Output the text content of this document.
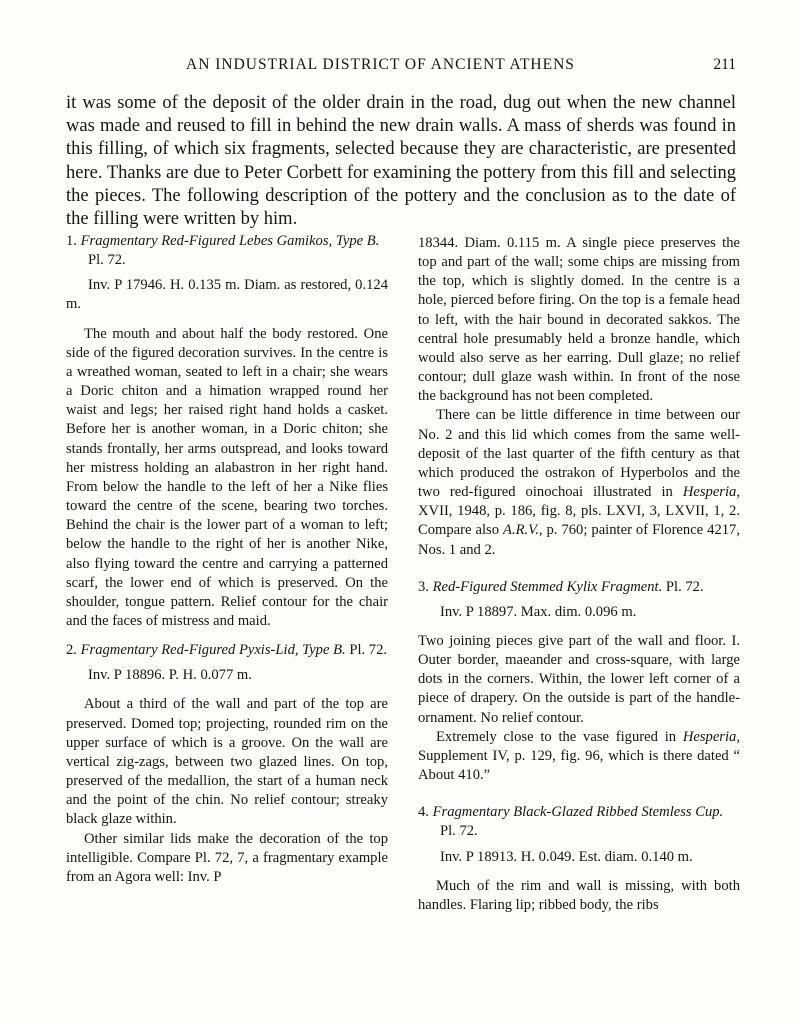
AN INDUSTRIAL DISTRICT OF ANCIENT ATHENS	211

it was some of the deposit of the older drain in the road, dug out when the new channel was made and reused to fill in behind the new drain walls. A mass of sherds was found in this filling, of which six fragments, selected because they are characteristic, are presented here. Thanks are due to Peter Corbett for examining the pottery from this fill and selecting the pieces. The following description of the pottery and the conclusion as to the date of the filling were written by him.

1. Fragmentary Red-Figured Lebes Gamikos, Type B. Pl. 72.

Inv. P 17946. H. 0.135 m. Diam. as restored, 0.124 m.

The mouth and about half the body restored. One side of the figured decoration survives. In the centre is a wreathed woman, seated to left in a chair; she wears a Doric chiton and a himation wrapped round her waist and legs; her raised right hand holds a casket. Before her is another woman, in a Doric chiton; she stands frontally, her arms outspread, and looks toward her mistress holding an alabastron in her right hand. From below the handle to the left of her a Nike flies toward the centre of the scene, bearing two torches. Behind the chair is the lower part of a woman to left; below the handle to the right of her is another Nike, also flying toward the centre and carrying a patterned scarf, the lower end of which is preserved. On the shoulder, tongue pattern. Relief contour for the chair and the faces of mistress and maid.

2. Fragmentary Red-Figured Pyxis-Lid, Type B. Pl. 72.

Inv. P 18896. P. H. 0.077 m.

About a third of the wall and part of the top are preserved. Domed top; projecting, rounded rim on the upper surface of which is a groove. On the wall are vertical zig-zags, between two glazed lines. On top, preserved of the medallion, the start of a human neck and the point of the chin. No relief contour; streaky black glaze within.

Other similar lids make the decoration of the top intelligible. Compare Pl. 72, 7, a fragmentary example from an Agora well: Inv. P

18344. Diam. 0.115 m. A single piece preserves the top and part of the wall; some chips are missing from the top, which is slightly domed. In the centre is a hole, pierced before firing. On the top is a female head to left, with the hair bound in decorated sakkos. The central hole presumably held a bronze handle, which would also serve as her earring. Dull glaze; no relief contour; dull glaze wash within. In front of the nose the background has not been completed.

There can be little difference in time between our No. 2 and this lid which comes from the same well-deposit of the last quarter of the fifth century as that which produced the ostrakon of Hyperbolos and the two red-figured oinochoai illustrated in Hesperia, XVII, 1948, p. 186, fig. 8, pls. LXVI, 3, LXVII, 1, 2. Compare also A.R.V., p. 760; painter of Florence 4217, Nos. 1 and 2.

3. Red-Figured Stemmed Kylix Fragment. Pl. 72.

Inv. P 18897. Max. dim. 0.096 m.

Two joining pieces give part of the wall and floor. I. Outer border, maeander and cross-square, with large dots in the corners. Within, the lower left corner of a piece of drapery. On the outside is part of the handle-ornament. No relief contour.

Extremely close to the vase figured in Hesperia, Supplement IV, p. 129, fig. 96, which is there dated “ About 410.”

4. Fragmentary Black-Glazed Ribbed Stemless Cup. Pl. 72.

Inv. P 18913. H. 0.049. Est. diam. 0.140 m.

Much of the rim and wall is missing, with both handles. Flaring lip; ribbed body, the ribs
